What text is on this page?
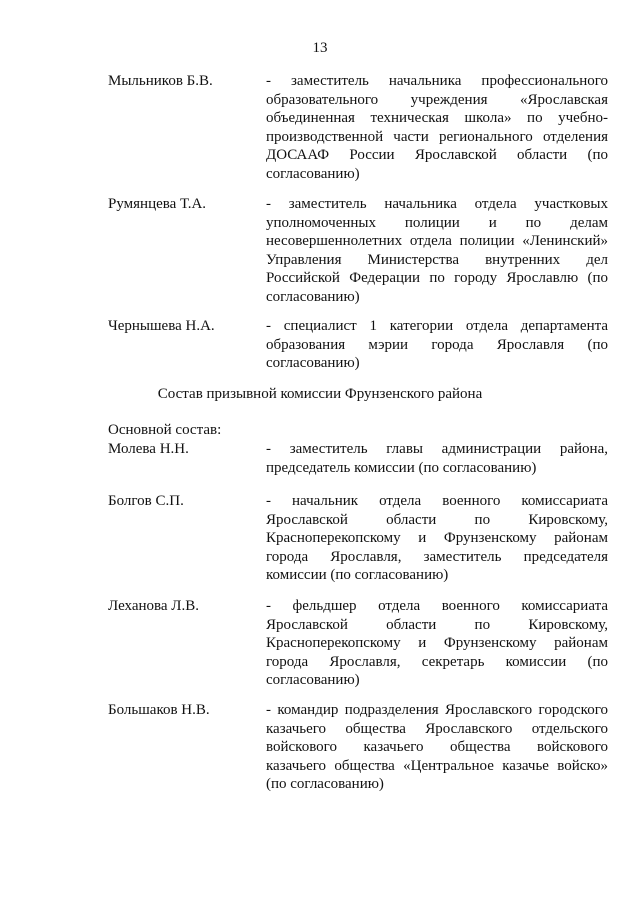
13
Мыльников Б.В.	- заместитель начальника профессионального
образовательного учреждения «Ярославская
объединенная техническая школа» по учебно-
производственной части регионального отделения
ДОСААФ России Ярославской области (по
согласованию)
Румянцева Т.А.	- заместитель начальника отдела участковых
уполномоченных полиции и по делам
несовершеннолетних отдела полиции «Ленинский»
Управления Министерства внутренних дел
Российской Федерации по городу Ярославлю (по
согласованию)
Чернышева Н.А.	- специалист 1 категории отдела департамента
образования мэрии города Ярославля (по
согласованию)
Состав призывной комиссии Фрунзенского района
Основной состав:
Молева Н.Н.	- заместитель главы администрации района,
председатель комиссии (по согласованию)
Болгов С.П.	- начальник отдела военного комиссариата
Ярославской области по Кировскому,
Красноперекопскому и Фрунзенскому районам
города Ярославля, заместитель председателя
комиссии (по согласованию)
Леханова Л.В.	- фельдшер отдела военного комиссариата
Ярославской области по Кировскому,
Красноперекопскому и Фрунзенскому районам
города Ярославля, секретарь комиссии (по
согласованию)
Большаков Н.В.	- командир подразделения Ярославского городского
казачьего общества Ярославского отдельского
войскового казачьего общества войскового
казачьего общества «Центральное казачье войско»
(по согласованию)
